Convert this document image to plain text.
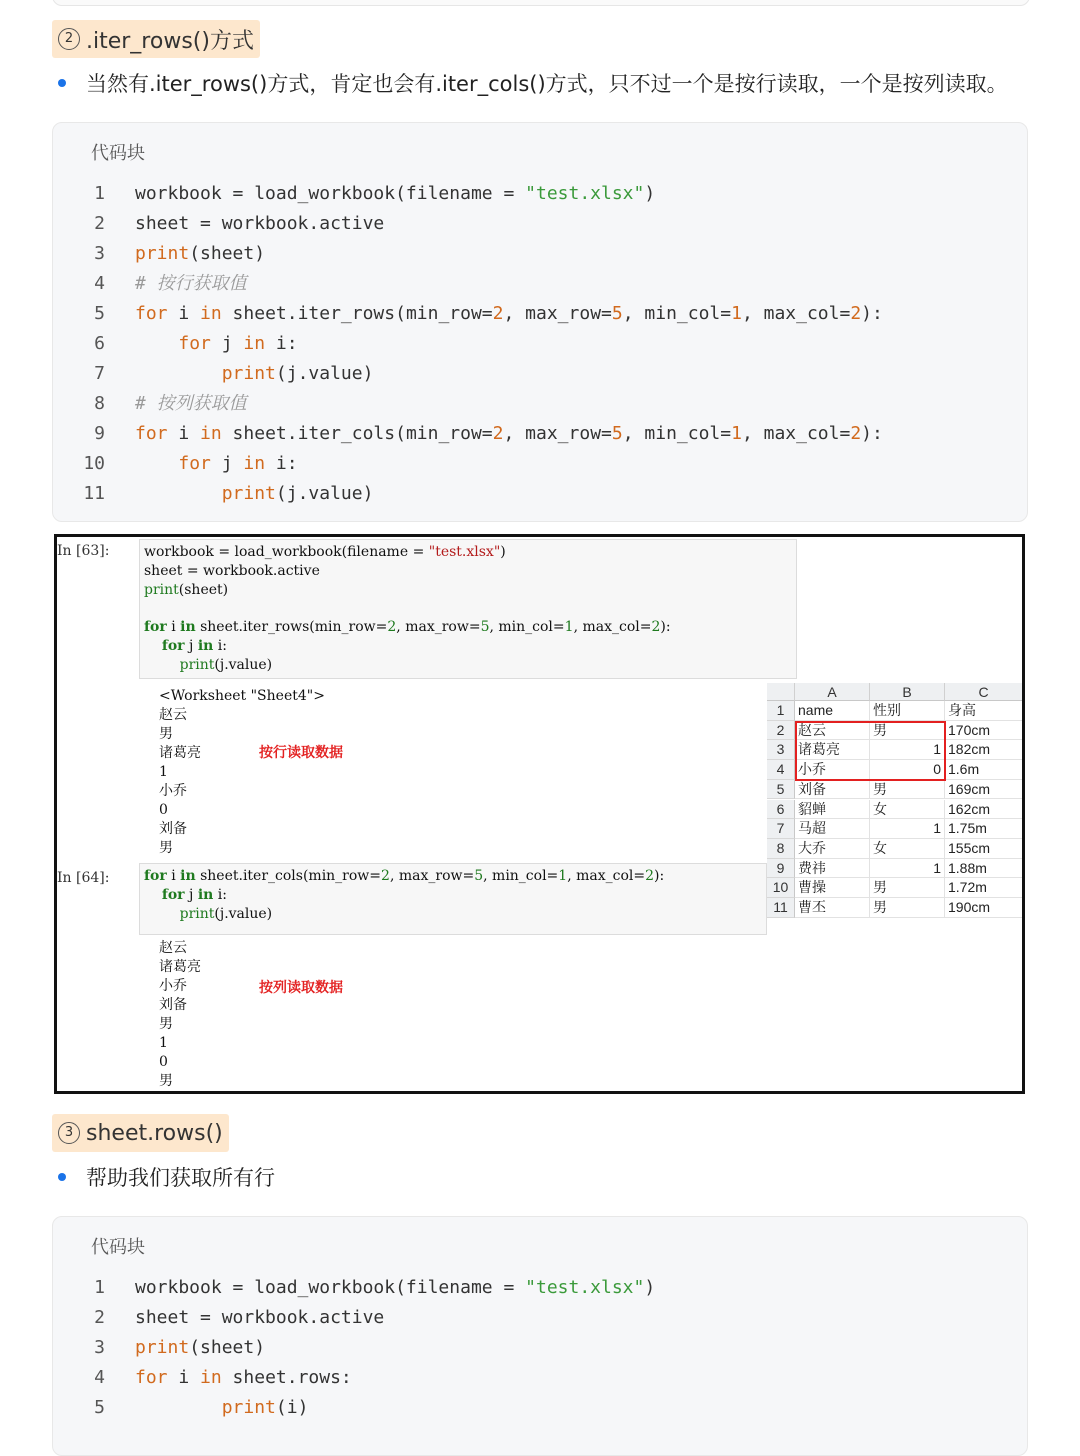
2 .iter_rows()方式
当然有.iter_rows()方式，肯定也会有.iter_cols()方式，只不过一个是按行读取，一个是按列读取。
代码块
1 workbook = load_workbook(filename = "test.xlsx")
2 sheet = workbook.active
3 print(sheet)
4 # 按行获取值
5 for i in sheet.iter_rows(min_row=2, max_row=5, min_col=1, max_col=2):
6	for j in i:
7	print(j.value)
8 # 按列获取值
9 for i in sheet.iter_cols(min_row=2, max_row=5, min_col=1, max_col=2):
10	for j in i:
11	print(j.value)
In [63]: workbook = load_workbook(filename = "test.xlsx")
sheet = workbook.active
print(sheet)
for i in sheet.iter_rows(min_row=2, max_row=5, min_col=1, max_col=2):
for j in i:
print(j.value)
<Worksheet "Sheet4">
赵云
男
诸葛亮
1
小乔
0
刘备
男
按行读取数据
In [64]: for i in sheet.iter_cols(min_row=2, max_row=5, min_col=1, max_col=2):
for j in i:
print(j.value)
赵云
诸葛亮
小乔
刘备
男
1
0
男
按列读取数据
A	B	C
1 name	性别	身高
2 赵云	男	170cm
3 诸葛亮	1 182cm
4 小乔	0 1.6m
5 刘备	男	169cm
6 貂蝉	女	162cm
7 马超	1 1.75m
8 大乔	女	155cm
9 费祎	1 1.88m
10 曹操	男	1.72m
11 曹丕	男	190cm
3 sheet.rows()
帮助我们获取所有行
代码块
1 workbook = load_workbook(filename = "test.xlsx")
2 sheet = workbook.active
3 print(sheet)
4 for i in sheet.rows:
5	print(i)
